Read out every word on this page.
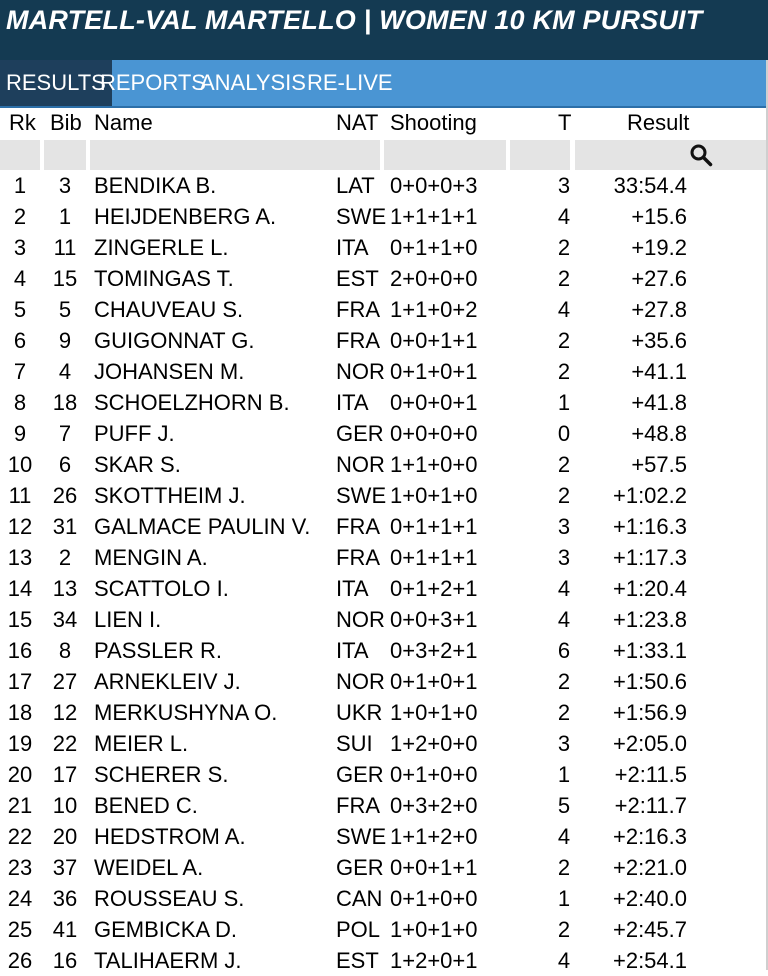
MARTELL-VAL MARTELLO | WOMEN 10 KM PURSUIT
RESULTS
REPORTS
ANALYSIS RE-LIVE
Rk Bib Name	NAT Shooting	T	Result
1	3	BENDIKA B.	LAT 0+0+0+3	3	33:54.4
2	1	HEIJDENBERG A.	SWE 1+1+1+1	4	+15.6
3	11 ZINGERLE L.	ITA 0+1+1+0	2	+19.2
4	15 TOMINGAS T.	EST 2+0+0+0	2	+27.6
5	5	CHAUVEAU S.	FRA 1+1+0+2	4	+27.8
6	9	GUIGONNAT G.	FRA 0+0+1+1	2	+35.6
7	4	JOHANSEN M.	NOR 0+1+0+1	2	+41.1
8	18 SCHOELZHORN B. ITA 0+0+0+1	1	+41.8
9	7	PUFF J.	GER 0+0+0+0	0	+48.8
10	6	SKAR S.	NOR 1+1+0+0	2	+57.5
11 26 SKOTTHEIM J.	SWE 1+0+1+0	2	+1:02.2
12 31 GALMACE PAULIN V. FRA 0+1+1+1	3	+1:16.3
13	2	MENGIN A.	FRA 0+1+1+1	3	+1:17.3
14 13 SCATTOLO I.	ITA 0+1+2+1	4	+1:20.4
15 34 LIEN I.	NOR 0+0+3+1	4	+1:23.8
16	8	PASSLER R.	ITA 0+3+2+1	6	+1:33.1
17 27 ARNEKLEIV J.	NOR 0+1+0+1	2	+1:50.6
18 12 MERKUSHYNA O.	UKR 1+0+1+0	2	+1:56.9
19 22 MEIER L.	SUI 1+2+0+0	3	+2:05.0
20 17 SCHERER S.	GER 0+1+0+0	1	+2:11.5
21 10 BENED C.	FRA 0+3+2+0	5	+2:11.7
22 20 HEDSTROM A.	SWE 1+1+2+0	4	+2:16.3
23 37 WEIDEL A.	GER 0+0+1+1	2	+2:21.0
24 36 ROUSSEAU S.	CAN 0+1+0+0	1	+2:40.0
25 41 GEMBICKA D.	POL 1+0+1+0	2	+2:45.7
26 16 TALIHAERM J.	EST 1+2+0+1	4	+2:54.1
